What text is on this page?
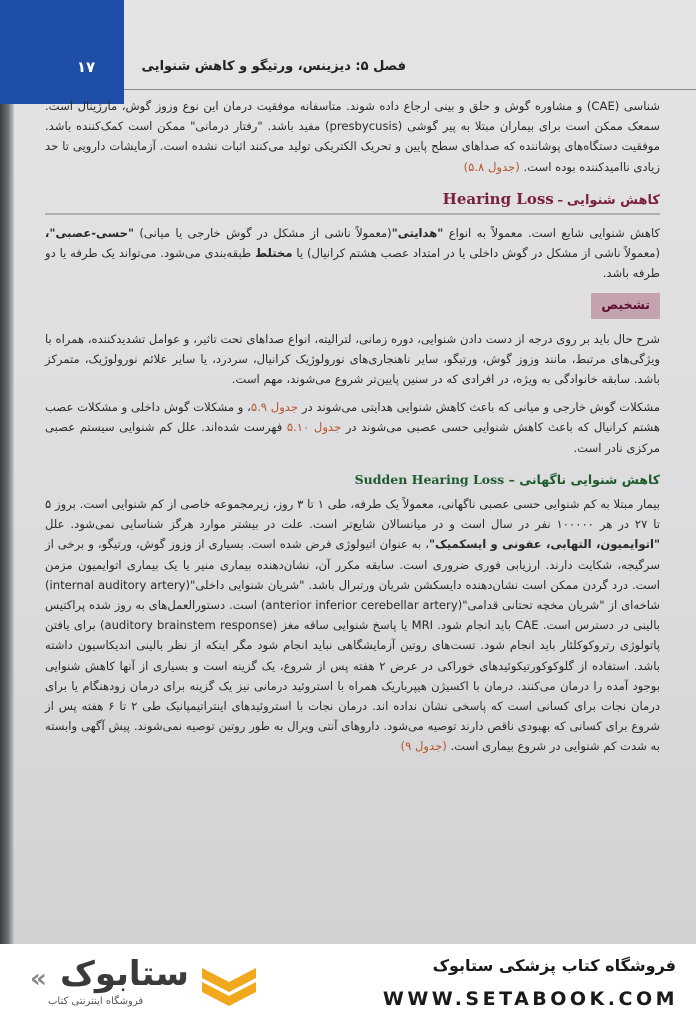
۱۷	فصل ۵: دیزینس، ورتیگو و کاهش شنوایی

شناسی (CAE) و مشاوره گوش و حلق و بینی ارجاع داده شوند. متاسفانه موفقیت درمان این نوع وزوز گوش، مارژینال است. سمعک ممکن است برای بیماران مبتلا به پیر گوشی (presbycusis) مفید باشد. "رفتار درمانی" ممکن است کمک‌کننده باشد. موفقیت دستگاه‌های پوشاننده که صداهای سطح پایین و تحریک الکتریکی تولید می‌کنند اثبات نشده است. آزمایشات دارویی تا حد زیادی ناامیدکننده بوده است. (جدول ۵.۸)

کاهش شنوایی – Hearing Loss

کاهش شنوایی شایع است. معمولاً به انواع "هدایتی"(معمولاً ناشی از مشکل در گوش خارجی یا میانی) "حسی-عصبی"، (معمولاً ناشی از مشکل در گوش داخلی یا در امتداد عصب هشتم کرانیال) یا مختلط طبقه‌بندی می‌شود. می‌تواند یک طرفه یا دو طرفه باشد.

تشخیص

شرح حال باید بر روی درجه از دست دادن شنوایی، دوره زمانی، لترالیته، انواع صداهای تحت تاثیر، و عوامل تشدیدکننده، همراه با ویژگی‌های مرتبط، مانند وزوز گوش، ورتیگو، سایر ناهنجاری‌های نورولوژیک کرانیال، سردرد، یا سایر علائم نورولوژیک، متمرکز باشد. سابقه خانوادگی به ویژه، در افرادی که در سنین پایین‌تر شروع می‌شوند، مهم است.

مشکلات گوش خارجی و میانی که باعث کاهش شنوایی هدایتی می‌شوند در جدول ۵.۹، و مشکلات گوش داخلی و مشکلات عصب هشتم کرانیال که باعث کاهش شنوایی حسی عصبی می‌شوند در جدول ۵.۱۰ فهرست شده‌اند. علل کم شنوایی سیستم عصبی مرکزی نادر است.

کاهش شنوایی ناگهانی – Sudden Hearing Loss

بیمار مبتلا به کم شنوایی حسی عصبی ناگهانی، معمولاً یک طرفه، طی ۱ تا ۳ روز، زیرمجموعه خاصی از کم شنوایی است. بروز ۵ تا ۲۷ در هر ۱۰۰۰۰۰ نفر در سال است و در میانسالان شایع‌تر است. علت در بیشتر موارد هرگز شناسایی نمی‌شود. علل "اتوایمیون، التهابی، عفونی و ایسکمیک"، به عنوان اتیولوژی فرض شده است. بسیاری از وزوز گوش، ورتیگو، و برخی از سرگیجه، شکایت دارند. ارزیابی فوری ضروری است. سابقه مکرر آن، نشان‌دهنده بیماری منیر یا یک بیماری اتوایمیون مزمن است. درد گردن ممکن است نشان‌دهنده دایسکشن شریان ورتبرال باشد. "شریان شنوایی داخلی"(internal auditory artery) شاخه‌ای از "شریان مخچه تحتانی قدامی"(anterior inferior cerebellar artery) است. دستورالعمل‌های به روز شده پراکتیس بالینی در دسترس است. CAE باید انجام شود. MRI یا پاسخ شنوایی ساقه مغز (auditory brainstem response) برای یافتن پاتولوژی رتروکوکلئار باید انجام شود. تست‌های روتین آزمایشگاهی نباید انجام شود مگر اینکه از نظر بالینی اندیکاسیون داشته باشد. استفاده از گلوکوکورتیکوئیدهای خوراکی در عرض ۲ هفته پس از شروع، یک گزینه است و بسیاری از آنها کاهش شنوایی بوجود آمده را درمان می‌کنند. درمان با اکسیژن هیپرباریک همراه با استروئید درمانی نیز یک گزینه برای درمان زودهنگام یا برای درمان نجات برای کسانی است که پاسخی نشان نداده اند. درمان نجات با استروئیدهای اینتراتیمپانیک طی ۲ تا ۶ هفته پس از شروع برای کسانی که بهبودی ناقص دارند توصیه می‌شود. داروهای آنتی ویرال به طور روتین توصیه نمی‌شوند. پیش آگهی وابسته به شدت کم شنوایی در شروع بیماری است. (جدول ۹)

« ستابوک
فروشگاه اینترنتی کتاب
فروشگاه کتاب پزشکی ستابوک
WWW.SETABOOK.COM
